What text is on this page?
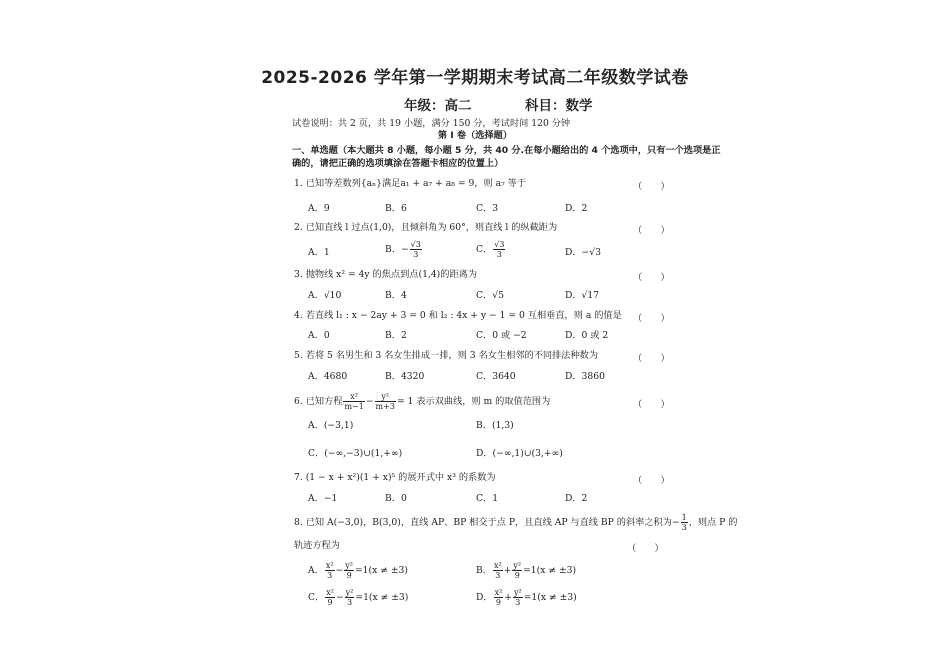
2025-2026 学年第一学期期末考试高二年级数学试卷
年级：高二	科目：数学
试卷说明：共 2 页，共 19 小题，满分 150 分，考试时间 120 分钟
第 I 卷（选择题）
一、单选题（本大题共 8 小题，每小题 5 分，共 40 分.在每小题给出的 4 个选项中，只有一个选项是正
确的，请把正确的选项填涂在答题卡相应的位置上）
1. 已知等差数列{aₙ}满足a₁ + a₇ + a₈ = 9，则 a₇ 等于	（　　）
A．9	B．6	C．3	D．2
2. 已知直线 l 过点(1,0)，且倾斜角为 60°，则直线 l 的纵截距为	（　　）
A．1	B．− $\frac{√3}{3}$	C． $\frac{√3}{3}$	D．−√3
3. 抛物线 x² = 4y 的焦点到点(1,4)的距离为	（　　）
A．√10	B．4	C．√5	D．√17
4. 若直线 l₁ : x − 2ay + 3 = 0 和 l₂ : 4x + y − 1 = 0 互相垂直，则 a 的值是 （　　）
A．0	B．2	C．0 或 −2	D．0 或 2
5. 若将 5 名男生和 3 名女生排成一排，则 3 名女生相邻的不同排法种数为	（　　）
A．4680	B．4320	C．3640	D．3860
6. 已知方程 $\frac{\text{x²}}{m-1} - \frac{\text{y²}}{m+3} = 1$ 表示双曲线，则 m 的取值范围为	（　　）
A．(−3,1)	B．(1,3)
C．(−∞,−3)∪(1,+∞)	D．(−∞,1)∪(3,+∞)
7. (1 − x + x²)(1 + x)⁵ 的展开式中 x³ 的系数为	（　　）
A．−1	B．0	C．1	D．2
8. 已知 A(−3,0)，B(3,0)，直线 AP、BP 相交于点 P，且直线 AP 与直线 BP 的斜率之积为− $\frac{1}{3}$ ，则点 P 的
轨迹方程为	（　　）
A． $\frac{\text{x²}}{3} - \frac{\text{y²}}{9} =1(x \ne \pm 3)$	B． $\frac{\text{x²}}{3} + \frac{\text{y²}}{9} =1(x \ne \pm 3)$
C． $\frac{\text{x²}}{9} - \frac{\text{y²}}{3} =1(x \ne \pm 3)$	D． $\frac{\text{x²}}{9} + \frac{\text{y²}}{3} =1(x \ne \pm 3)$
